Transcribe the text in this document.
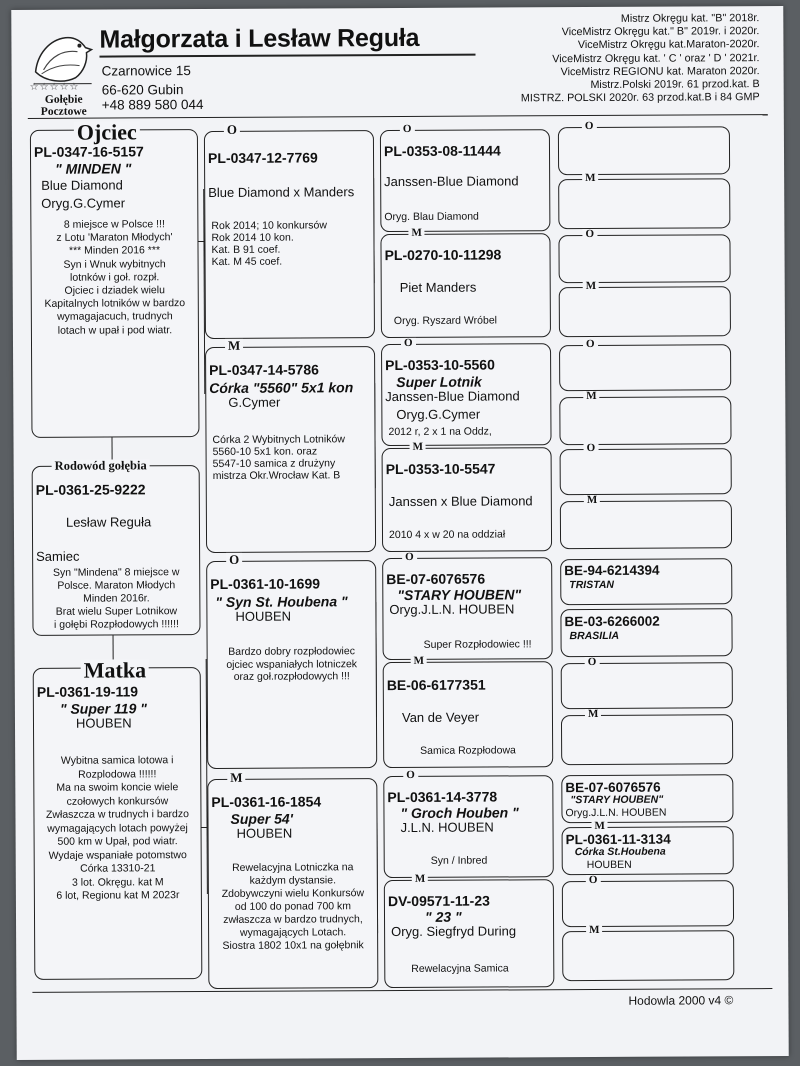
☆☆☆☆☆
Gołębie
Pocztowe
Małgorzata i Lesław Reguła
Czarnowice 15
66-620 Gubin
+48 889 580 044
Mistrz Okręgu kat. "B" 2018r.
ViceMistrz Okręgu kat." B" 2019r. i 2020r.
ViceMistrz Okręgu kat.Maraton-2020r.
ViceMistrz Okręgu kat. ' C ' oraz ' D ' 2021r.
ViceMistrz REGIONU kat. Maraton 2020r.
Mistrz.Polski 2019r. 61 przod.kat. B
MISTRZ. POLSKI 2020r. 63 przod.kat.B i 84 GMP
PL-0347-16-5157
" MINDEN "
Blue Diamond
Oryg.G.Cymer
8 miejsce w Polsce !!!
z Lotu 'Maraton Młodych'
*** Minden 2016 ***
Syn i Wnuk wybitnych
lotnków i goł. rozpł.
Ojciec i dziadek wielu
Kapitalnych lotników w bardzo
wymagajacuch, trudnych
lotach w upał i pod wiatr.
Ojciec
PL-0361-25-9222
Lesław Reguła
Samiec
Syn "Mindena" 8 miejsce w
Polsce. Maraton Młodych
Minden 2016r.
Brat wielu Super Lotnikow
i gołębi Rozpłodowych !!!!!!
Rodowód gołębia
PL-0361-19-119
" Super 119 "
HOUBEN
Wybitna samica lotowa i
Rozplodowa !!!!!!
Ma na swoim koncie wiele
czołowych konkursów
Zwłaszcza w trudnych i bardzo
wymagających lotach powyżej
500 km w Upał, pod wiatr.
Wydaje wspaniałe potomstwo
Córka 13310-21
3 lot. Okręgu. kat M
6 lot, Regionu kat M 2023r
Matka
PL-0347-12-7769
Blue Diamond x Manders
Rok 2014; 10 konkursów
Rok 2014 10 kon.
Kat. B 91 coef.
Kat. M 45 coef.
O
PL-0347-14-5786
Córka "5560" 5x1 kon
G.Cymer
Córka 2 Wybitnych Lotników
5560-10 5x1 kon. oraz
5547-10 samica z drużyny
mistrza Okr.Wrocław Kat. B
M
PL-0361-10-1699
" Syn St. Houbena "
HOUBEN
Bardzo dobry rozpłodowiec
ojciec wspaniałych lotniczek
oraz goł.rozpłodowych !!!
O
PL-0361-16-1854
Super 54'
HOUBEN
Rewelacyjna Lotniczka na
każdym dystansie.
Zdobywczyni wielu Konkursów
od 100 do ponad 700 km
zwłaszcza w bardzo trudnych,
wymagających Lotach.
Siostra 1802 10x1 na gołębnik
M
PL-0353-08-11444
Janssen-Blue Diamond
Oryg. Blau Diamond
O
PL-0270-10-11298
Piet Manders
Oryg. Ryszard Wróbel
M
PL-0353-10-5560
Super Lotnik
Janssen-Blue Diamond
Oryg.G.Cymer
2012 r, 2 x 1 na Oddz,
O
PL-0353-10-5547
Janssen x Blue Diamond
2010 4 x w 20 na oddział
M
BE-07-6076576
"STARY HOUBEN"
Oryg.J.L.N. HOUBEN
Super Rozpłodowiec !!!
O
BE-06-6177351
Van de Veyer
Samica Rozpłodowa
M
PL-0361-14-3778
" Groch Houben "
J.L.N. HOUBEN
Syn / Inbred
O
DV-09571-11-23
" 23 "
Oryg. Siegfryd During
Rewelacyjna Samica
M
O
M
O
M
O
M
O
M
BE-94-6214394
TRISTAN
BE-03-6266002
BRASILIA
O
M
BE-07-6076576
"STARY HOUBEN"
Oryg.J.L.N. HOUBEN
PL-0361-11-3134
Córka St.Houbena
HOUBEN
M
O
M
Hodowla 2000 v4 ©
